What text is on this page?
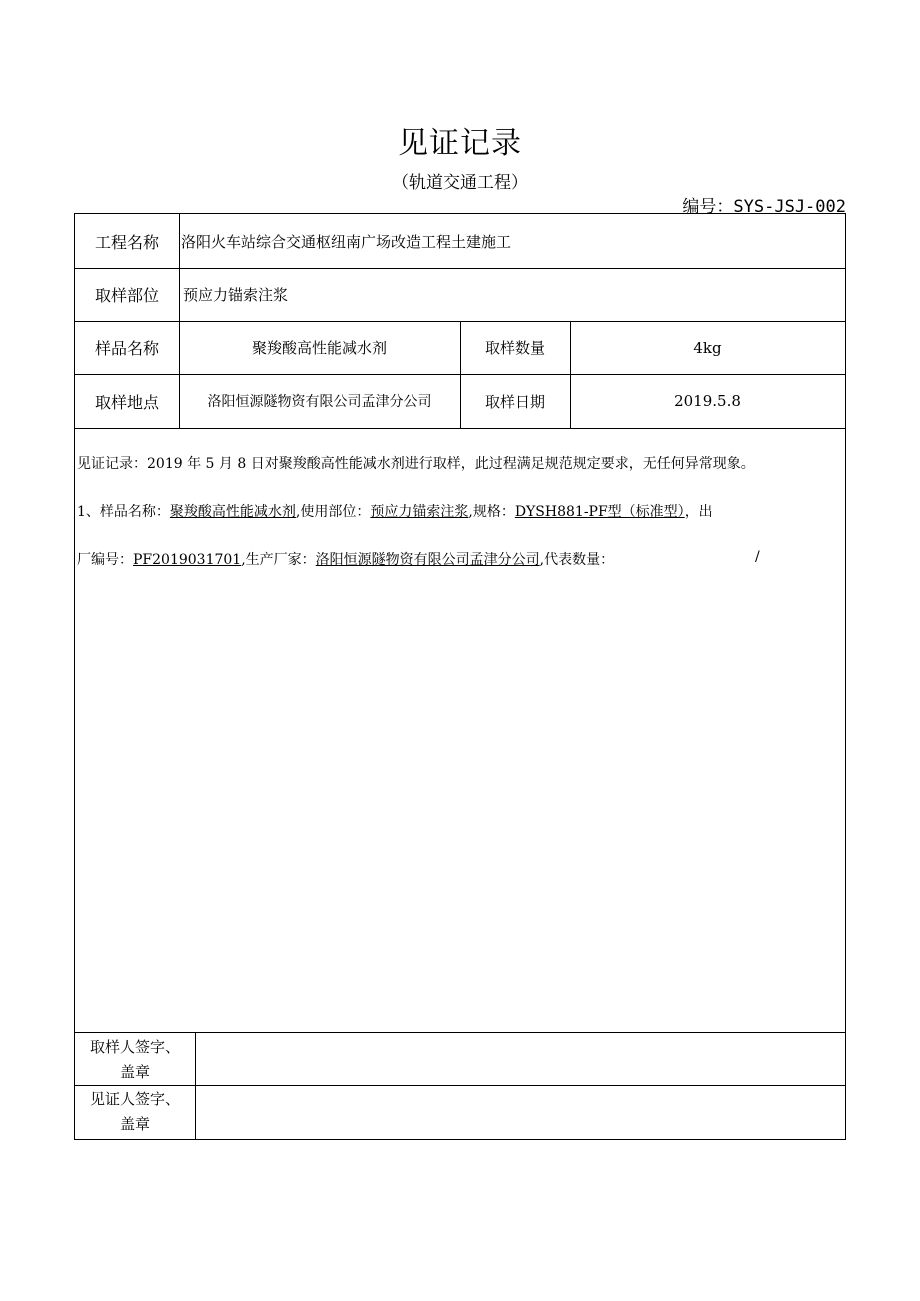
见证记录
（轨道交通工程）
编号：SYS-JSJ-002
工程名称	洛阳火车站综合交通枢纽南广场改造工程土建施工
取样部位	预应力锚索注浆
样品名称	聚羧酸高性能减水剂	取样数量	4kg
取样地点	洛阳恒源隧物资有限公司孟津分公司	取样日期	2019.5.8
见证记录：2019 年 5 月 8 日对聚羧酸高性能减水剂进行取样，此过程满足规范规定要求，无任何异常现象。
1、样品名称：聚羧酸高性能减水剂,使用部位：预应力锚索注浆,规格：DYSH881-PF型（标准型），出
厂编号：PF2019031701,生产厂家：洛阳恒源隧物资有限公司孟津分公司,代表数量：	/
取样人签字、
盖章
见证人签字、
盖章
